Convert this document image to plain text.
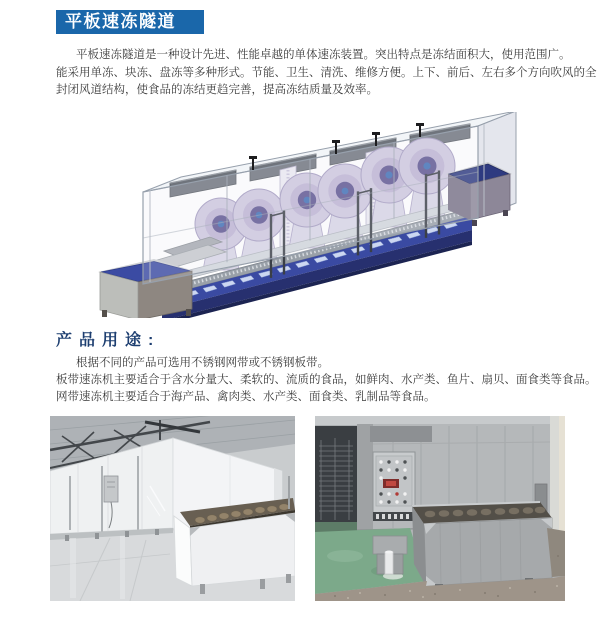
平板速冻隧道
平板速冻隧道是一种设计先进、性能卓越的单体速冻装置。突出特点是冻结面积大，使用范围广。
能采用单冻、块冻、盘冻等多种形式。节能、卫生、清洗、维修方便。上下、前后、左右多个方向吹风的全
封闭风道结构，使食品的冻结更趋完善，提高冻结质量及效率。
产品用途:
根据不同的产品可选用不锈钢网带或不锈钢板带。
板带速冻机主要适合于含水分量大、柔软的、流质的食品，如鲜肉、水产类、鱼片、扇贝、面食类等食品。
网带速冻机主要适合于海产品、禽肉类、水产类、面食类、乳制品等食品。
